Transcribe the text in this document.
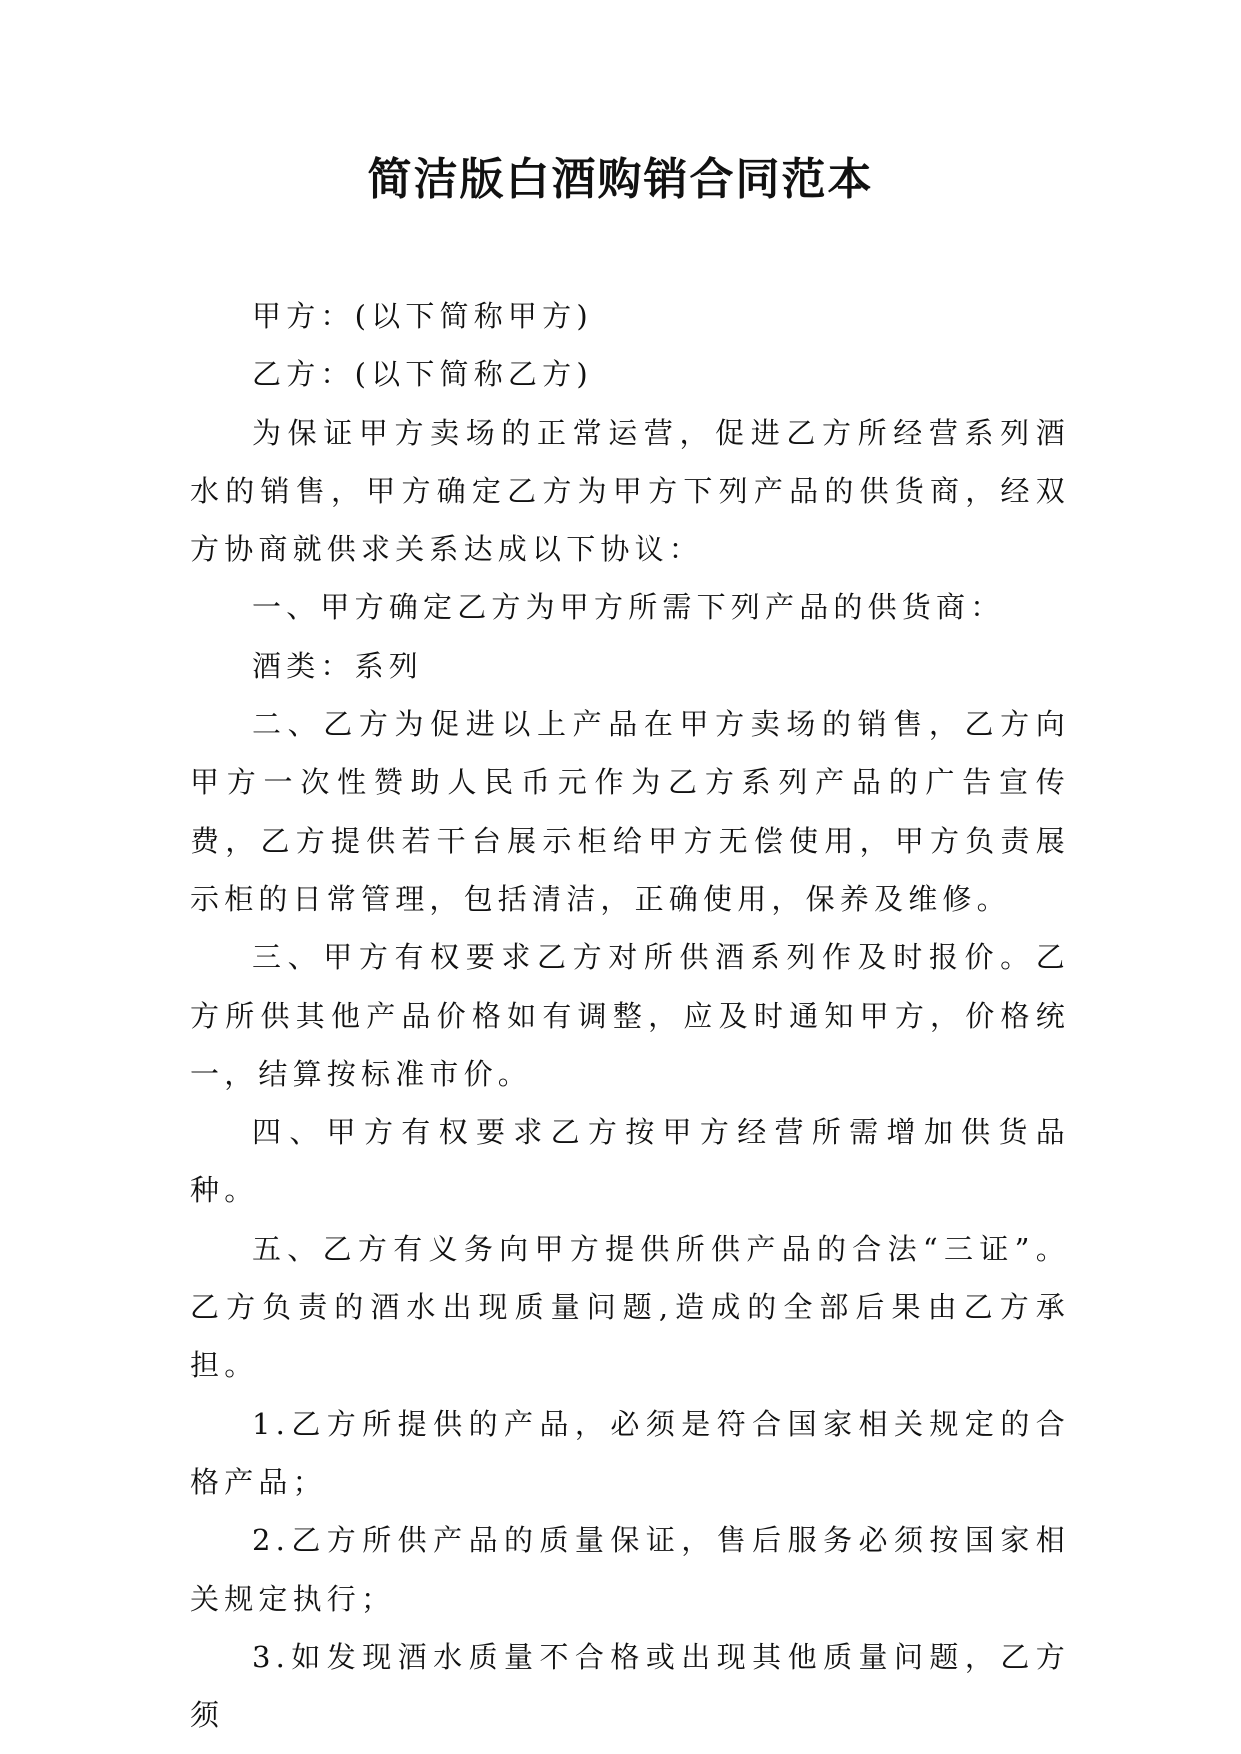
简洁版白酒购销合同范本

甲方：(以下简称甲方)

乙方：(以下简称乙方)

为保证甲方卖场的正常运营，促进乙方所经营系列酒水的销售，甲方确定乙方为甲方下列产品的供货商，经双方协商就供求关系达成以下协议：

一、甲方确定乙方为甲方所需下列产品的供货商：

酒类：系列

二、乙方为促进以上产品在甲方卖场的销售，乙方向甲方一次性赞助人民币元作为乙方系列产品的广告宣传费，乙方提供若干台展示柜给甲方无偿使用，甲方负责展示柜的日常管理，包括清洁，正确使用，保养及维修。

三、甲方有权要求乙方对所供酒系列作及时报价。乙方所供其他产品价格如有调整，应及时通知甲方，价格统一，结算按标准市价。

四、甲方有权要求乙方按甲方经营所需增加供货品种。

五、乙方有义务向甲方提供所供产品的合法“三证”。乙方负责的酒水出现质量问题,造成的全部后果由乙方承担。

1.乙方所提供的产品，必须是符合国家相关规定的合格产品；

2.乙方所供产品的质量保证，售后服务必须按国家相关规定执行；

3.如发现酒水质量不合格或出现其他质量问题，乙方须
